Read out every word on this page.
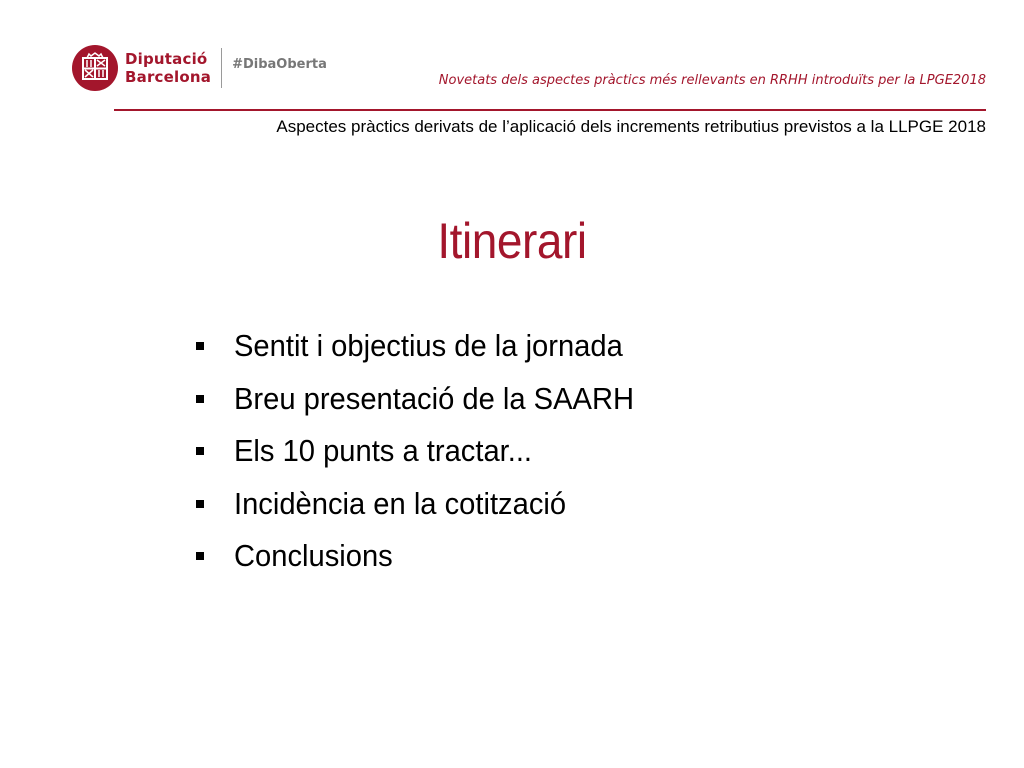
Diputació
Barcelona
#DibaOberta
Novetats dels aspectes pràctics més rellevants en RRHH introduïts per la LPGE2018
Aspectes pràctics derivats de l’aplicació dels increments retributius previstos a la LLPGE 2018
Itinerari
Sentit i objectius de la jornada
Breu presentació de la SAARH
Els 10 punts a tractar...
Incidència en la cotització
Conclusions
